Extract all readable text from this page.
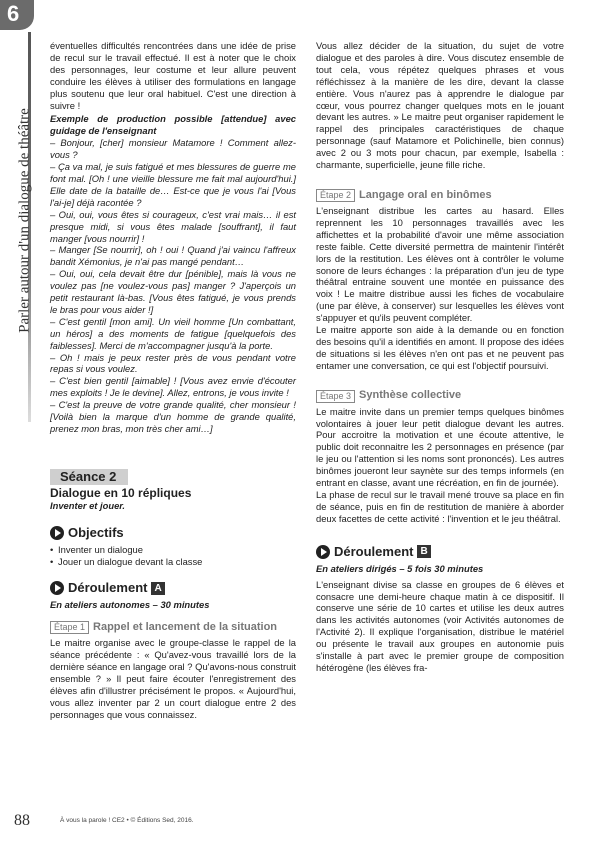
6
Parler autour d'un dialogue de théâtre

éventuelles difficultés rencontrées dans une idée de prise de recul sur le travail effectué. Il est à noter que le choix des personnages, leur costume et leur allure peuvent conduire les élèves à utiliser des formulations en langage plus soutenu que leur oral habituel. C'est une direction à suivre !

Exemple de production possible [attendue] avec guidage de l'enseignant

– Bonjour, [cher] monsieur Matamore ! Comment allez-vous ?

– Ça va mal, je suis fatigué et mes blessures de guerre me font mal. [Oh ! une vieille blessure me fait mal aujourd'hui.] Elle date de la bataille de… Est-ce que je vous l'ai [Vous l'ai-je] déjà racontée ?

– Oui, oui, vous êtes si courageux, c'est vrai mais… il est presque midi, si vous êtes malade [souffrant], il faut manger [vous nourrir] !

– Manger [Se nourrir], oh ! oui ! Quand j'ai vaincu l'affreux bandit Xémonius, je n'ai pas mangé pendant…

– Oui, oui, cela devait être dur [pénible], mais là vous ne voulez pas [ne voulez-vous pas] manger ? J'aperçois un petit restaurant là-bas. [Vous êtes fatigué, je vous prends le bras pour vous aider !]

– C'est gentil [mon ami]. Un vieil homme [Un combattant, un héros] a des moments de fatigue [quelquefois des faiblesses]. Merci de m'accompagner jusqu'à la porte.

– Oh ! mais je peux rester près de vous pendant votre repas si vous voulez.

– C'est bien gentil [aimable] ! [Vous avez envie d'écouter mes exploits ! Je le devine]. Allez, entrons, je vous invite !

– C'est la preuve de votre grande qualité, cher monsieur ! [Voilà bien la marque d'un homme de grande qualité, prenez mon bras, mon très cher ami…]

Séance 2
Dialogue en 10 répliques
Inventer et jouer.
Objectifs
• Inventer un dialogue
• Jouer un dialogue devant la classe
Déroulement A

En ateliers autonomes – 30 minutes

Étape 1 Rappel et lancement de la situation

Le maitre organise avec le groupe-classe le rappel de la séance précédente : « Qu'avez-vous travaillé lors de la dernière séance en langage oral ? Qu'avons-nous construit ensemble ? » Il peut faire écouter l'enregistrement des élèves afin d'illustrer précisément le propos. « Aujourd'hui, vous allez inventer par 2 un court dialogue entre 2 des personnages que vous connaissez.

Vous allez décider de la situation, du sujet de votre dialogue et des paroles à dire. Vous discutez ensemble de tout cela, vous répétez quelques phrases et vous réfléchissez à la manière de les dire, devant la classe entière. Vous n'aurez pas à apprendre le dialogue par cœur, vous pourrez changer quelques mots en le jouant devant les autres. » Le maitre peut organiser rapidement le rappel des principales caractéristiques de chaque personnage (sauf Matamore et Polichinelle, bien connus) avec 2 ou 3 mots pour chacun, par exemple, Isabella : charmante, superficielle, jeune fille riche.

Étape 2 Langage oral en binômes

L'enseignant distribue les cartes au hasard. Elles reprennent les 10 personnages travaillés avec les affichettes et la probabilité d'avoir une même association reste faible. Cette diversité permettra de maintenir l'intérêt lors de la restitution. Les élèves ont à contrôler le volume sonore de leurs échanges : la préparation d'un jeu de type théâtral entraine souvent une montée en puissance des voix ! Le maitre distribue aussi les fiches de vocabulaire (une par élève, à conserver) sur lesquelles les élèves vont s'appuyer et qu'ils peuvent compléter.

Le maitre apporte son aide à la demande ou en fonction des besoins qu'il a identifiés en amont. Il propose des idées de situations si les élèves n'en ont pas et ne peuvent pas entamer une conversation, ce qui est l'objectif poursuivi.

Étape 3 Synthèse collective

Le maitre invite dans un premier temps quelques binômes volontaires à jouer leur petit dialogue devant les autres. Pour accroitre la motivation et une écoute attentive, le public doit reconnaitre les 2 personnages en présence (par le jeu ou l'attention si les noms sont prononcés). Les autres binômes joueront leur saynète sur des temps informels (en entrant en classe, avant une récréation, en fin de journée).

La phase de recul sur le travail mené trouve sa place en fin de séance, puis en fin de restitution de manière à aborder deux facettes de cette activité : l'invention et le jeu théâtral.

Déroulement B

En ateliers dirigés – 5 fois 30 minutes

L'enseignant divise sa classe en groupes de 6 élèves et consacre une demi-heure chaque matin à ce dispositif. Il conserve une série de 10 cartes et utilise les deux autres dans les activités autonomes (voir Activités autonomes de l'Activité 2). Il explique l'organisation, distribue le matériel ou présente le travail aux groupes en autonomie puis s'installe à part avec le premier groupe de composition hétérogène (les élèves fra-

88	À vous la parole ! CE2 • © Éditions Sed, 2016.
